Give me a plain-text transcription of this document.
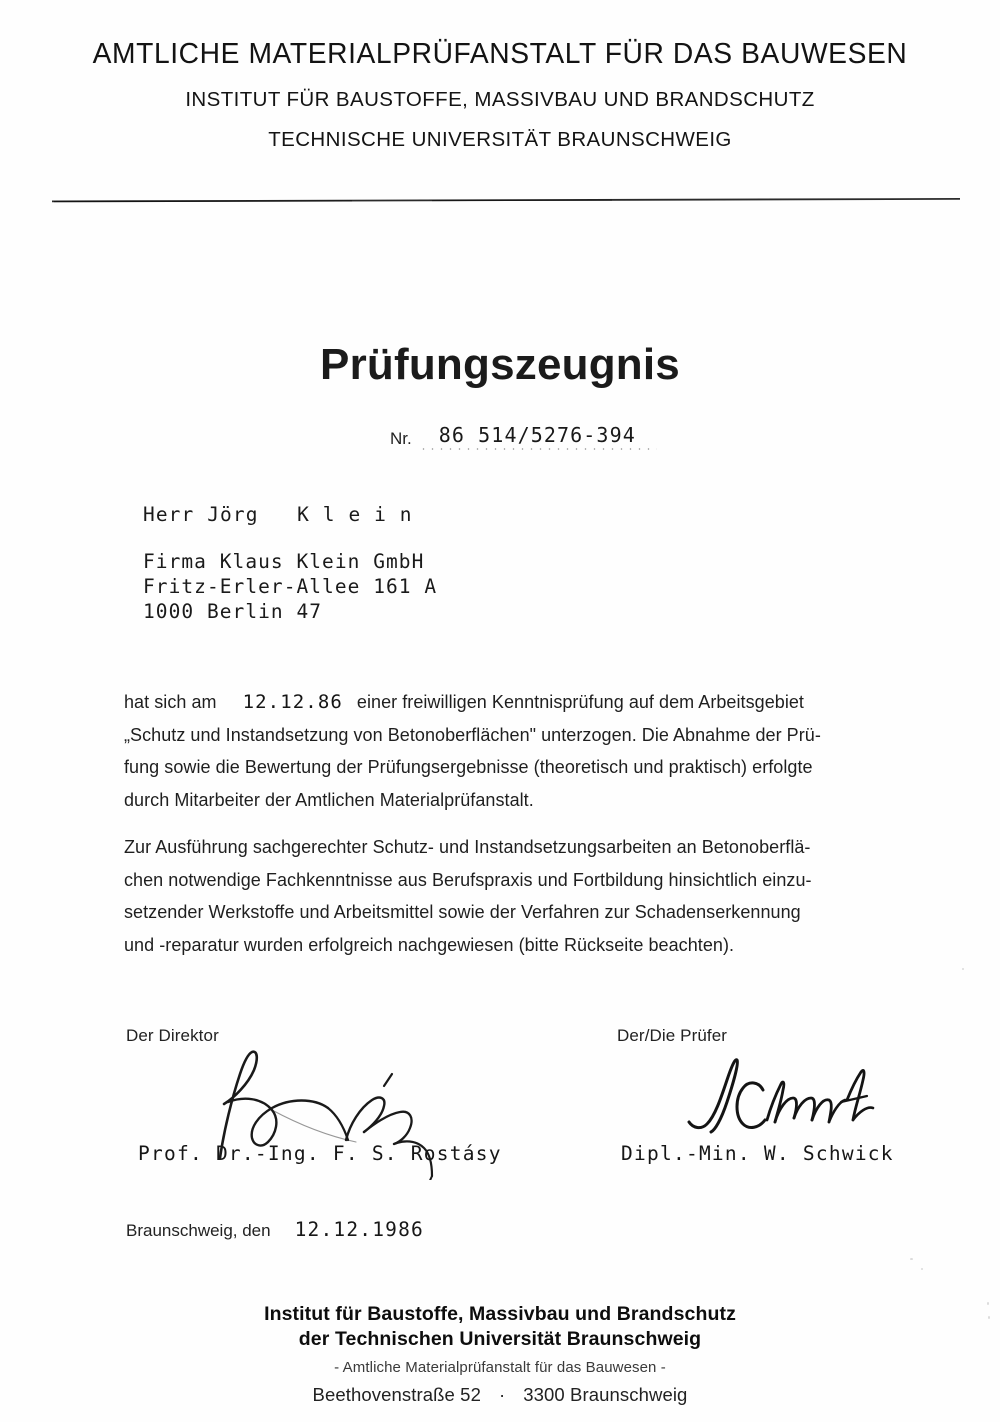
AMTLICHE MATERIALPRÜFANSTALT FÜR DAS BAUWESEN
INSTITUT FÜR BAUSTOFFE, MASSIVBAU UND BRANDSCHUTZ
TECHNISCHE UNIVERSITÄT BRAUNSCHWEIG
Prüfungszeugnis
Nr. 86 514/5276-394
Herr Jörg   K l e i n
Firma Klaus Klein GmbH
Fritz-Erler-Allee 161 A
1000 Berlin 47
hat sich am 12.12.86 einer freiwilligen Kenntnisprüfung auf dem Arbeitsgebiet
„Schutz und Instandsetzung von Betonoberflächen" unterzogen. Die Abnahme der Prü-
fung sowie die Bewertung der Prüfungsergebnisse (theoretisch und praktisch) erfolgte
durch Mitarbeiter der Amtlichen Materialprüfanstalt.
Zur Ausführung sachgerechter Schutz- und Instandsetzungsarbeiten an Betonoberflä-
chen notwendige Fachkenntnisse aus Berufspraxis und Fortbildung hinsichtlich einzu-
setzender Werkstoffe und Arbeitsmittel sowie der Verfahren zur Schadenserkennung
und -reparatur wurden erfolgreich nachgewiesen (bitte Rückseite beachten).
Der Direktor
Prof. Dr.-Ing. F. S. Rostásy
Der/Die Prüfer
Dipl.-Min. W. Schwick
Braunschweig, den 12.12.1986
Institut für Baustoffe, Massivbau und Brandschutz
der Technischen Universität Braunschweig
- Amtliche Materialprüfanstalt für das Bauwesen -
Beethovenstraße 52 · 3300 Braunschweig
